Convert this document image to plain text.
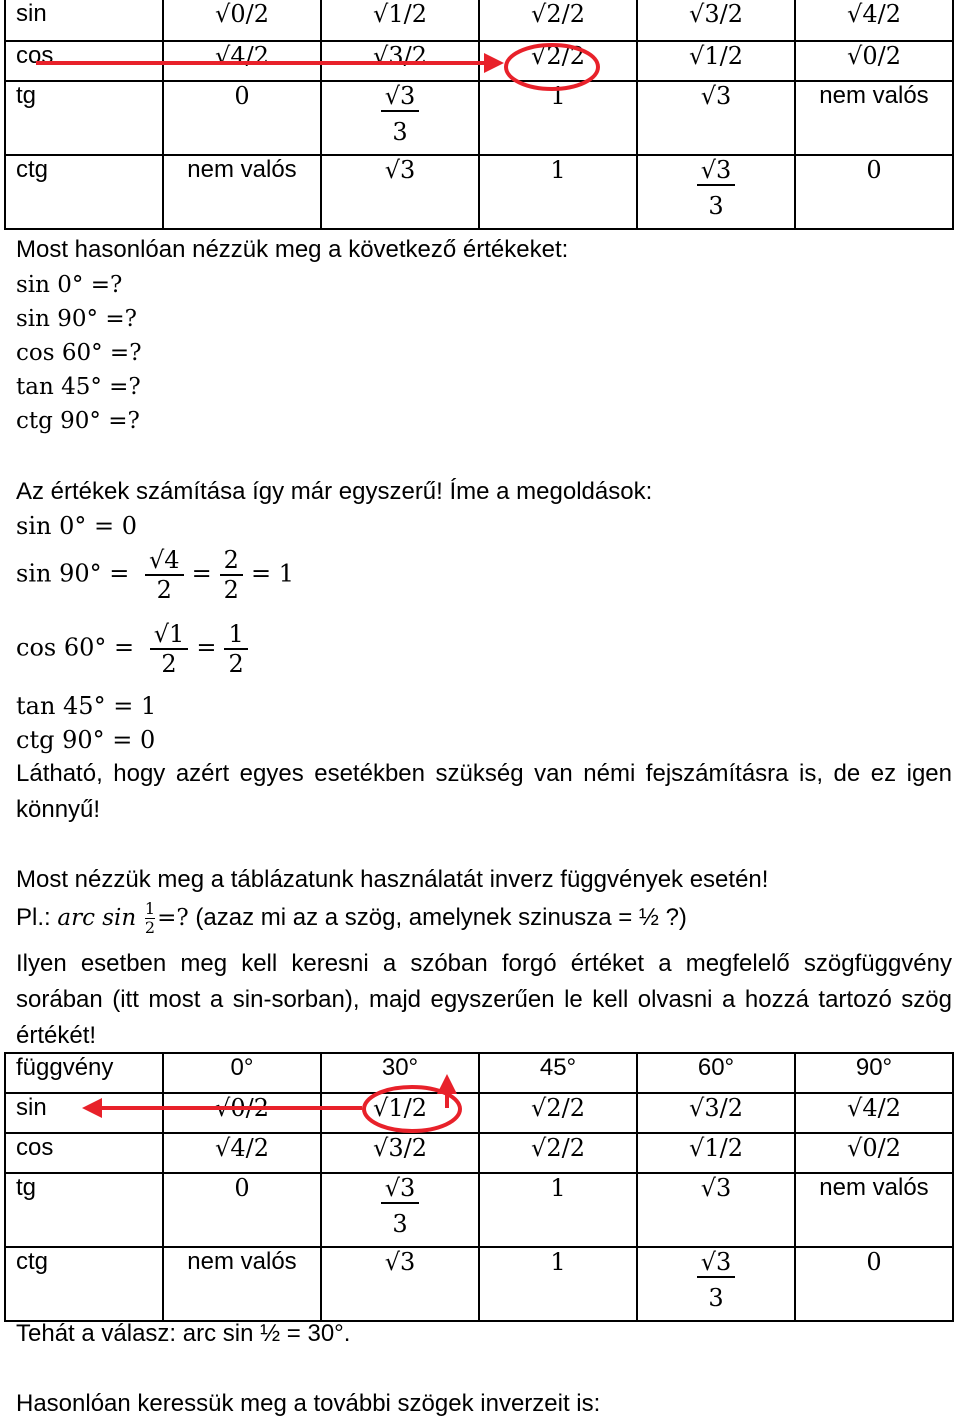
sin	√0/2	√1/2	√2/2	√3/2	√4/2
cos	√4/2	√3/2	√2/2	√1/2	√0/2
tg	0	$\frac{√3}{3}$	1	√3	nem valós
ctg	nem valós	√3	1	$\frac{√3}{3}$	0
Most hasonlóan nézzük meg a következő értékeket:
sin 0° =?
sin 90° =?
cos 60° =?
tan 45° =?
ctg 90° =?
Az értékek számítása így már egyszerű! Íme a megoldások:
sin 0° = 0
$\sin 90^\circ = \frac{√4}{2} = \frac{2}{2} = 1$
$\cos 60^\circ = \frac{√1}{2} = \frac{1}{2}$
tan 45° = 1
ctg 90° = 0
Látható, hogy azért egyes esetékben szükség van némi fejszámításra is, de ez igen könnyű!
Most nézzük meg a táblázatunk használatát inverz függvények esetén!
Pl.: arc $\sin \frac{1}{2}$ =? (azaz mi az a szög, amelynek szinusza = ½ ?)
Ilyen esetben meg kell keresni a szóban forgó értéket a megfelelő szögfüggvény sorában (itt most a sin-sorban), majd egyszerűen le kell olvasni a hozzá tartozó szög értékét!
függvény	0°	30°	45°	60°	90°
sin	√0/2	√1/2	√2/2	√3/2	√4/2
cos	√4/2	√3/2	√2/2	√1/2	√0/2
tg	0	$\frac{√3}{3}$	1	√3	nem valós
ctg	nem valós	√3	1	$\frac{√3}{3}$	0
Tehát a válasz: arc sin ½ = 30°.
Hasonlóan keressük meg a további szögek inverzeit is:
